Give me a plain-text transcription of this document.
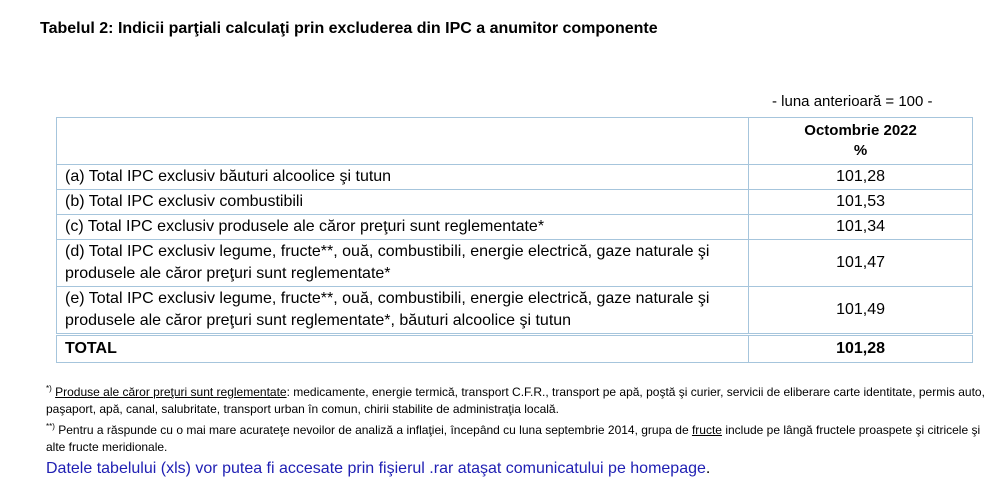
Tabelul 2: Indicii parţiali calculaţi prin excluderea din IPC a anumitor componente
- luna anterioară = 100 -

	Octombrie 2022
%

(a) Total IPC exclusiv băuturi alcoolice şi tutun	101,28
(b) Total IPC exclusiv combustibili	101,53
(c) Total IPC exclusiv produsele ale căror preţuri sunt reglementate*	101,34
(d) Total IPC exclusiv legume, fructe**, ouă, combustibili, energie electrică, gaze naturale şi produsele ale căror preţuri sunt reglementate*	101,47
(e) Total IPC exclusiv legume, fructe**, ouă, combustibili, energie electrică, gaze naturale şi produsele ale căror preţuri sunt reglementate*, băuturi alcoolice şi tutun	101,49
TOTAL	101,28

*) Produse ale căror preţuri sunt reglementate: medicamente, energie termică, transport C.F.R., transport pe apă, poştă şi curier, servicii de eliberare carte identitate, permis auto, paşaport, apă, canal, salubritate, transport urban în comun, chirii stabilite de administraţia locală.

**) Pentru a răspunde cu o mai mare acurateţe nevoilor de analiză a inflaţiei, începând cu luna septembrie 2014, grupa de fructe include pe lângă fructele proaspete şi citricele şi alte fructe meridionale.

Datele tabelului (xls) vor putea fi accesate prin fişierul .rar ataşat comunicatului pe homepage.
